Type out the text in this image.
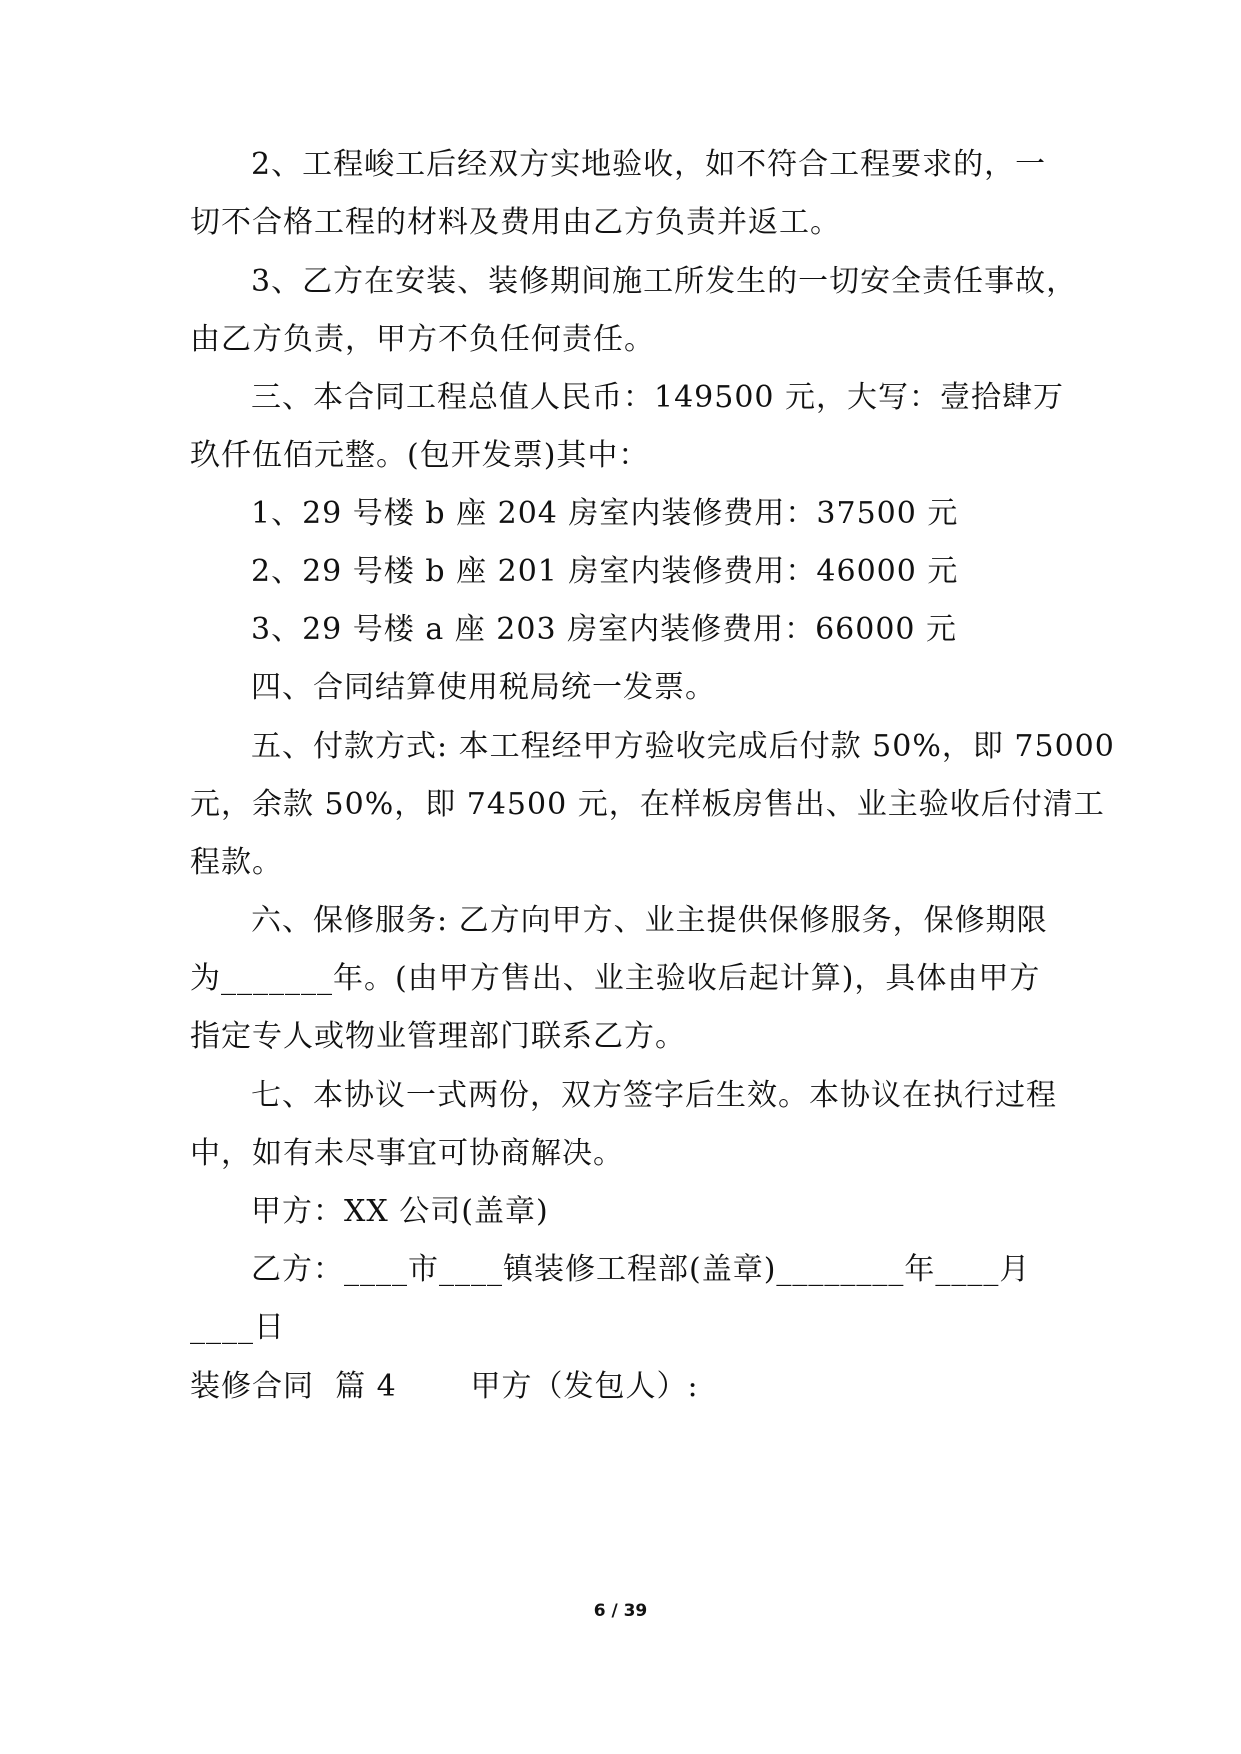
2、工程峻工后经双方实地验收，如不符合工程要求的，一
切不合格工程的材料及费用由乙方负责并返工。
3、乙方在安装、装修期间施工所发生的一切安全责任事故，
由乙方负责，甲方不负任何责任。
三、本合同工程总值人民币：149500 元，大写：壹拾肆万
玖仟伍佰元整。(包开发票)其中：
1、29 号楼 b 座 204 房室内装修费用：37500 元
2、29 号楼 b 座 201 房室内装修费用：46000 元
3、29 号楼 a 座 203 房室内装修费用：66000 元
四、合同结算使用税局统一发票。
五、付款方式: 本工程经甲方验收完成后付款 50%，即 75000
元，余款 50%，即 74500 元，在样板房售出、业主验收后付清工
程款。
六、保修服务: 乙方向甲方、业主提供保修服务，保修期限
为_______年。(由甲方售出、业主验收后起计算)，具体由甲方
指定专人或物业管理部门联系乙方。
七、本协议一式两份，双方签字后生效。本协议在执行过程
中，如有未尽事宜可协商解决。
甲方：XX 公司(盖章)
乙方：____市____镇装修工程部(盖章)________年____月
____日
装修合同  篇 4       甲方（发包人）:
6 / 39
